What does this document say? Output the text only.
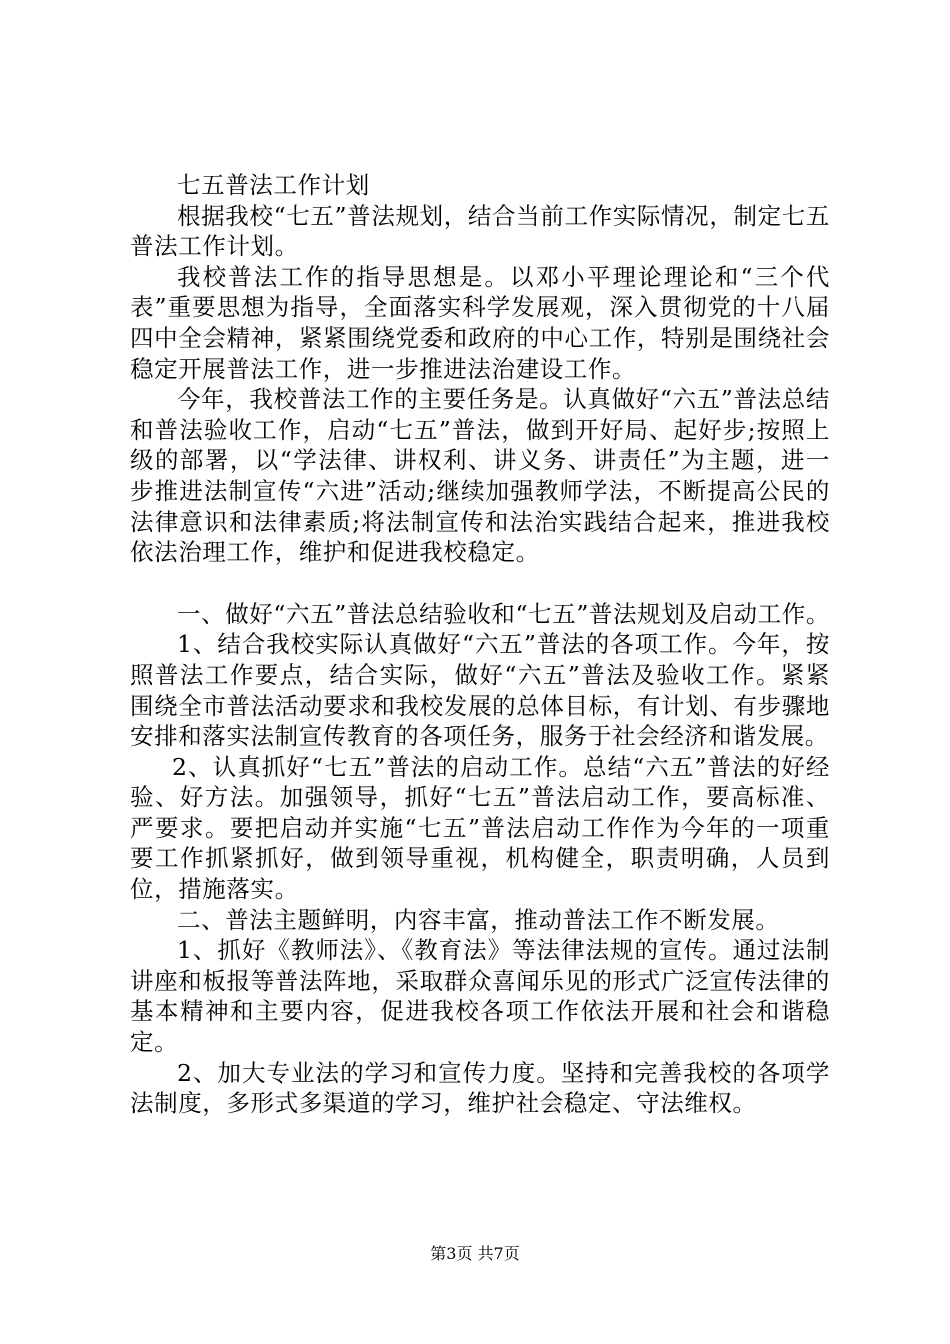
七五普法工作计划

根据我校“七五”普法规划，结合当前工作实际情况，制定七五普法工作计划。

我校普法工作的指导思想是。以邓小平理论理论和“三个代表”重要思想为指导，全面落实科学发展观，深入贯彻党的十八届四中全会精神，紧紧围绕党委和政府的中心工作，特别是围绕社会稳定开展普法工作，进一步推进法治建设工作。

今年，我校普法工作的主要任务是。认真做好“六五”普法总结和普法验收工作，启动“七五”普法，做到开好局、起好步;按照上级的部署，以“学法律、讲权利、讲义务、讲责任”为主题，进一步推进法制宣传“六进”活动;继续加强教师学法，不断提高公民的法律意识和法律素质;将法制宣传和法治实践结合起来，推进我校依法治理工作，维护和促进我校稳定。

一、做好“六五”普法总结验收和“七五”普法规划及启动工作。

1、结合我校实际认真做好“六五”普法的各项工作。今年，按照普法工作要点，结合实际，做好“六五”普法及验收工作。紧紧围绕全市普法活动要求和我校发展的总体目标，有计划、有步骤地安排和落实法制宣传教育的各项任务，服务于社会经济和谐发展。

2、认真抓好“七五”普法的启动工作。总结“六五”普法的好经验、好方法。加强领导，抓好“七五”普法启动工作，要高标准、严要求。要把启动并实施“七五”普法启动工作作为今年的一项重要工作抓紧抓好，做到领导重视，机构健全，职责明确，人员到位，措施落实。

二、普法主题鲜明，内容丰富，推动普法工作不断发展。

1、抓好《教师法》、《教育法》等法律法规的宣传。通过法制讲座和板报等普法阵地，采取群众喜闻乐见的形式广泛宣传法律的基本精神和主要内容，促进我校各项工作依法开展和社会和谐稳定。

2、加大专业法的学习和宣传力度。坚持和完善我校的各项学法制度，多形式多渠道的学习，维护社会稳定、守法维权。

第3页 共7页
